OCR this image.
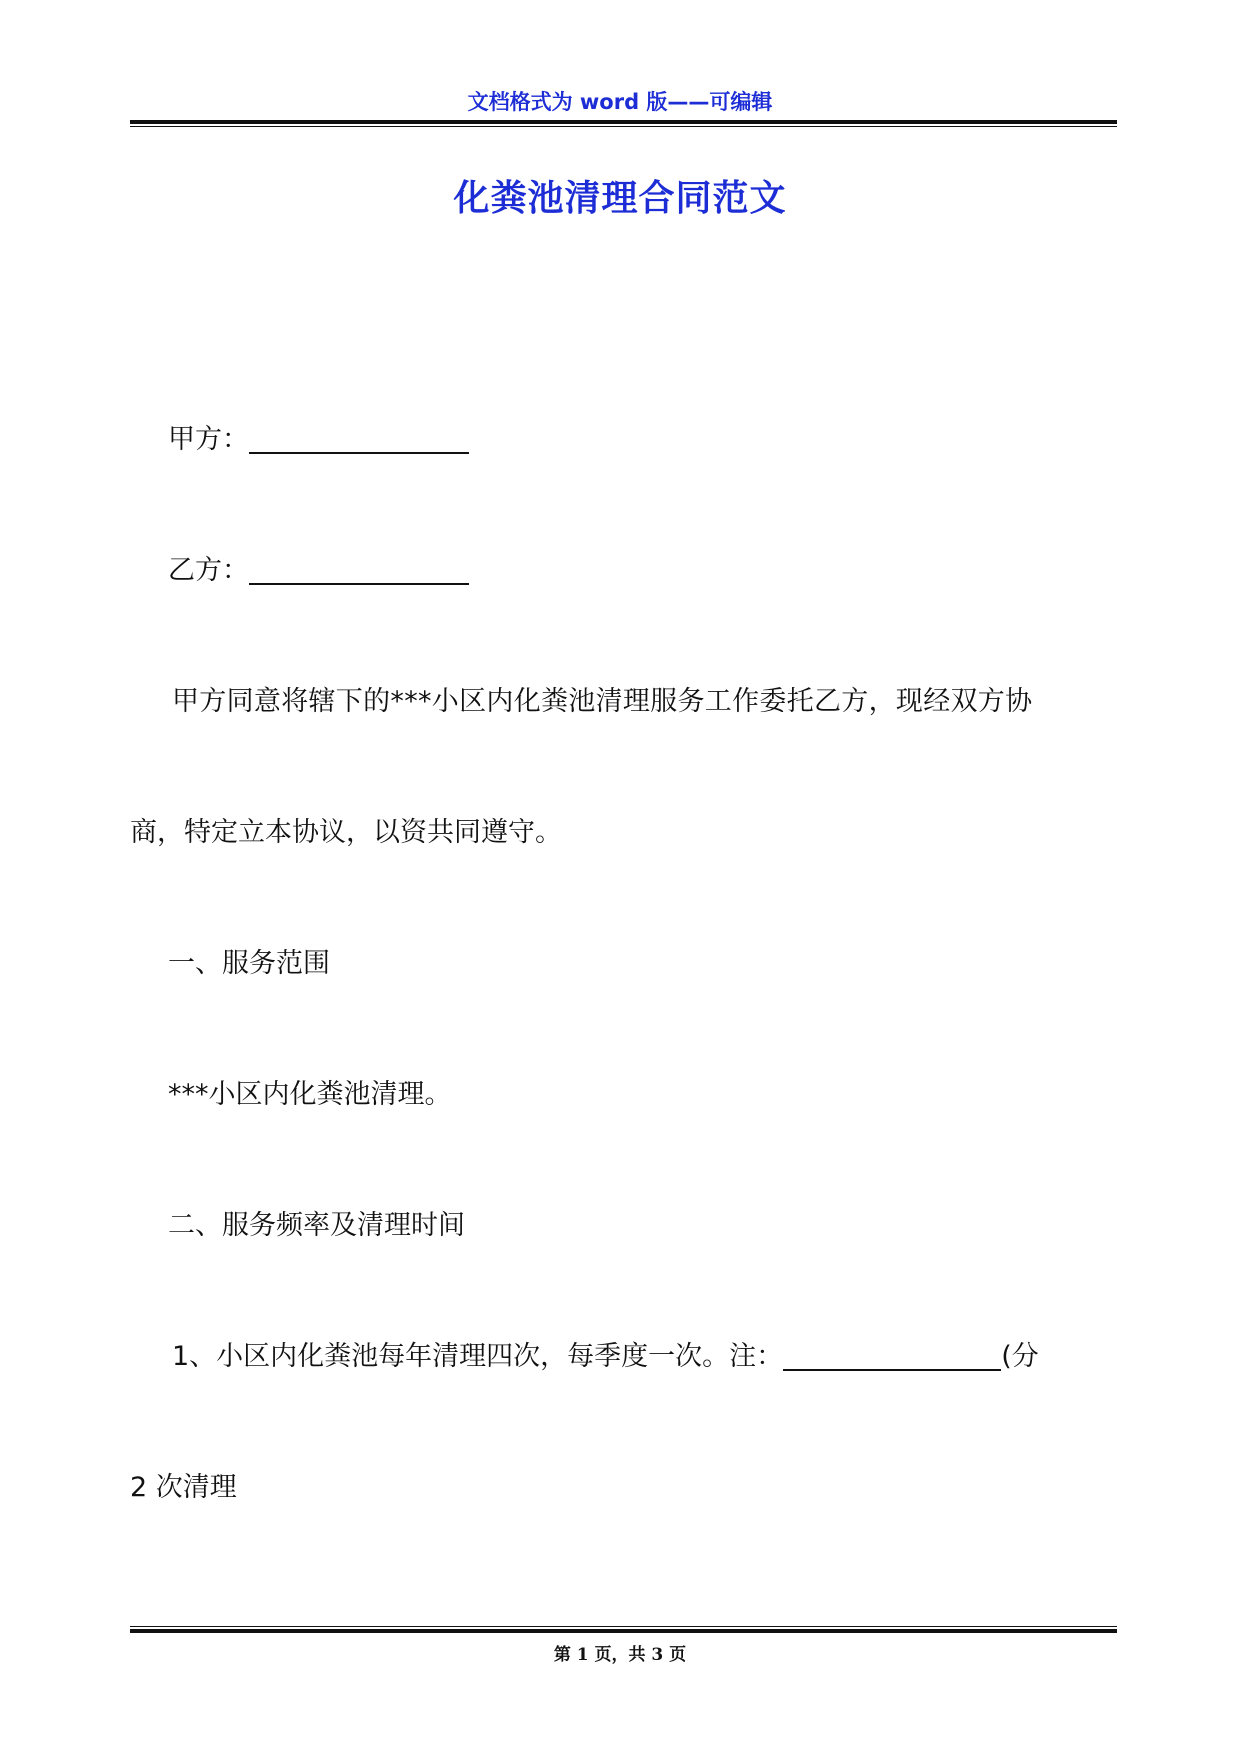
文档格式为 word 版——可编辑
化粪池清理合同范文
甲方：
乙方：
甲方同意将辖下的***小区内化粪池清理服务工作委托乙方，现经双方协
商，特定立本协议，以资共同遵守。
一、服务范围
***小区内化粪池清理。
二、服务频率及清理时间
1、小区内化粪池每年清理四次，每季度一次。注：	(分
2 次清理
第 1 页，共 3 页
